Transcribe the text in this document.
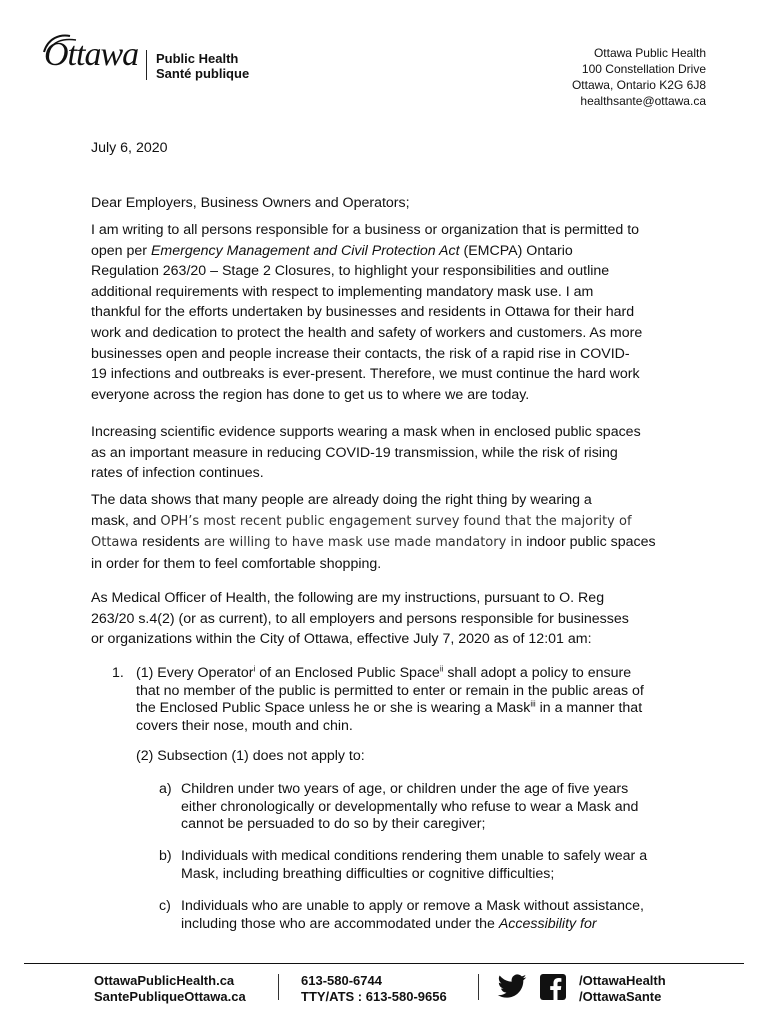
Ottawa Public Health
Santé publique
Ottawa Public Health
100 Constellation Drive
Ottawa, Ontario K2G 6J8
healthsante@ottawa.ca
July 6, 2020
Dear Employers, Business Owners and Operators;
I am writing to all persons responsible for a business or organization that is permitted to
open per Emergency Management and Civil Protection Act (EMCPA) Ontario
Regulation 263/20 – Stage 2 Closures, to highlight your responsibilities and outline
additional requirements with respect to implementing mandatory mask use. I am
thankful for the efforts undertaken by businesses and residents in Ottawa for their hard
work and dedication to protect the health and safety of workers and customers. As more
businesses open and people increase their contacts, the risk of a rapid rise in COVID-
19 infections and outbreaks is ever-present. Therefore, we must continue the hard work
everyone across the region has done to get us to where we are today.
Increasing scientific evidence supports wearing a mask when in enclosed public spaces
as an important measure in reducing COVID-19 transmission, while the risk of rising
rates of infection continues.
The data shows that many people are already doing the right thing by wearing a
mask, and OPH’s most recent public engagement survey found that the majority of
Ottawa residents are willing to have mask use made mandatory in indoor public spaces
in order for them to feel comfortable shopping.
As Medical Officer of Health, the following are my instructions, pursuant to O. Reg
263/20 s.4(2) (or as current), to all employers and persons responsible for businesses
or organizations within the City of Ottawa, effective July 7, 2020 as of 12:01 am:
1. (1) Every Operator$^i$ of an Enclosed Public Space$^{ii}$ shall adopt a policy to ensure
that no member of the public is permitted to enter or remain in the public areas of
the Enclosed Public Space unless he or she is wearing a Mask$^{iii}$ in a manner that
covers their nose, mouth and chin.
(2) Subsection (1) does not apply to:
a) Children under two years of age, or children under the age of five years
either chronologically or developmentally who refuse to wear a Mask and
cannot be persuaded to do so by their caregiver;
b) Individuals with medical conditions rendering them unable to safely wear a
Mask, including breathing difficulties or cognitive difficulties;
c) Individuals who are unable to apply or remove a Mask without assistance,
including those who are accommodated under the Accessibility for
OttawaPublicHealth.ca
SantePubliqueOttawa.ca
613-580-6744
TTY/ATS : 613-580-9656
/OttawaHealth
/OttawaSante
